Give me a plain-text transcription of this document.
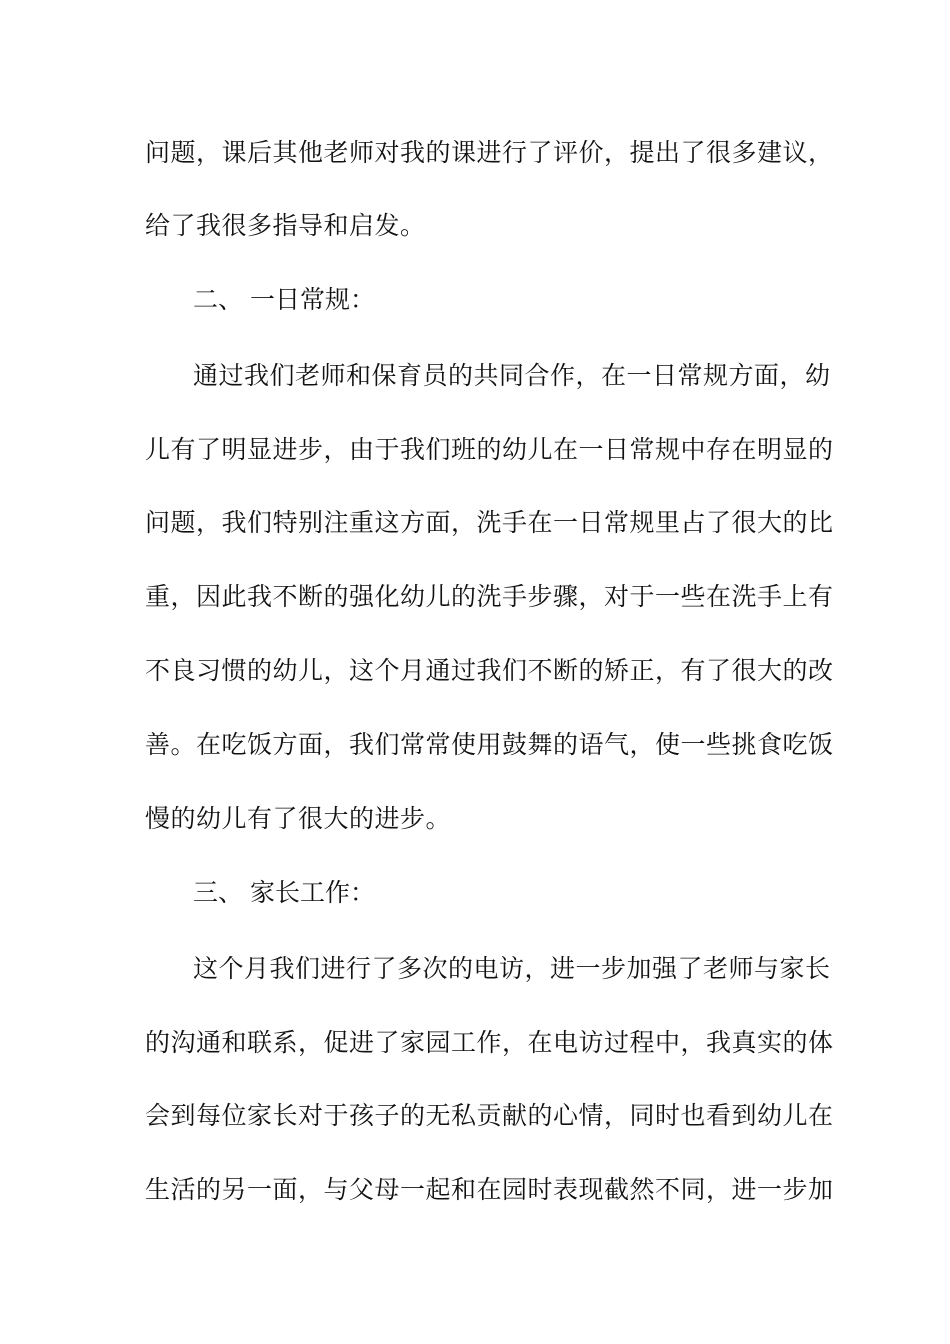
问题，课后其他老师对我的课进行了评价，提出了很多建议，
给了我很多指导和启发。
二、 一日常规：
通过我们老师和保育员的共同合作，在一日常规方面，幼
儿有了明显进步，由于我们班的幼儿在一日常规中存在明显的
问题，我们特别注重这方面，洗手在一日常规里占了很大的比
重，因此我不断的强化幼儿的洗手步骤，对于一些在洗手上有
不良习惯的幼儿，这个月通过我们不断的矫正，有了很大的改
善。在吃饭方面，我们常常使用鼓舞的语气，使一些挑食吃饭
慢的幼儿有了很大的进步。
三、 家长工作：
这个月我们进行了多次的电访，进一步加强了老师与家长
的沟通和联系，促进了家园工作，在电访过程中，我真实的体
会到每位家长对于孩子的无私贡献的心情，同时也看到幼儿在
生活的另一面，与父母一起和在园时表现截然不同，进一步加
